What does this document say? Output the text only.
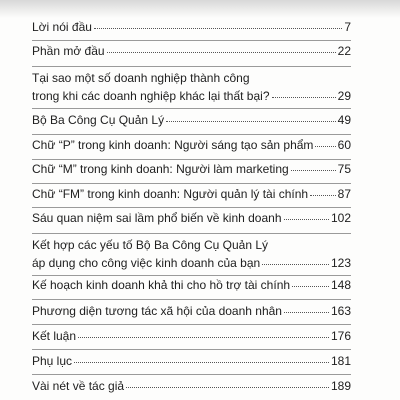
Lời nói đầu	7
Phần mở đầu	22
Tại sao một số doanh nghiệp thành công
trong khi các doanh nghiệp khác lại thất bại?	29
Bộ Ba Công Cụ Quản Lý	49
Chữ “P” trong kinh doanh: Người sáng tạo sản phẩm 60
Chữ “M” trong kinh doanh: Người làm marketing	75
Chữ “FM” trong kinh doanh: Người quản lý tài chính 87
Sáu quan niệm sai lầm phổ biến về kinh doanh	102
Kết hợp các yếu tố Bộ Ba Công Cụ Quản Lý
áp dụng cho công việc kinh doanh của bạn	123
Kế hoạch kinh doanh khả thi cho hồ trợ tài chính	148
Phương diện tương tác xã hội của doanh nhân	163
Kết luận	176
Phụ lục	181
Vài nét về tác giả	189
